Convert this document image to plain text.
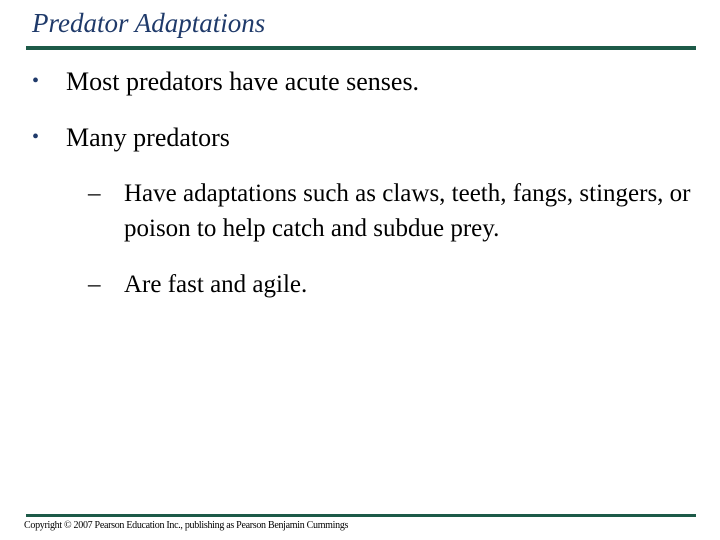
Predator Adaptations
• Most predators have acute senses.
• Many predators
– Have adaptations such as claws, teeth, fangs, stingers, or poison to help catch and subdue prey.
– Are fast and agile.
Copyright © 2007 Pearson Education Inc., publishing as Pearson Benjamin Cummings
